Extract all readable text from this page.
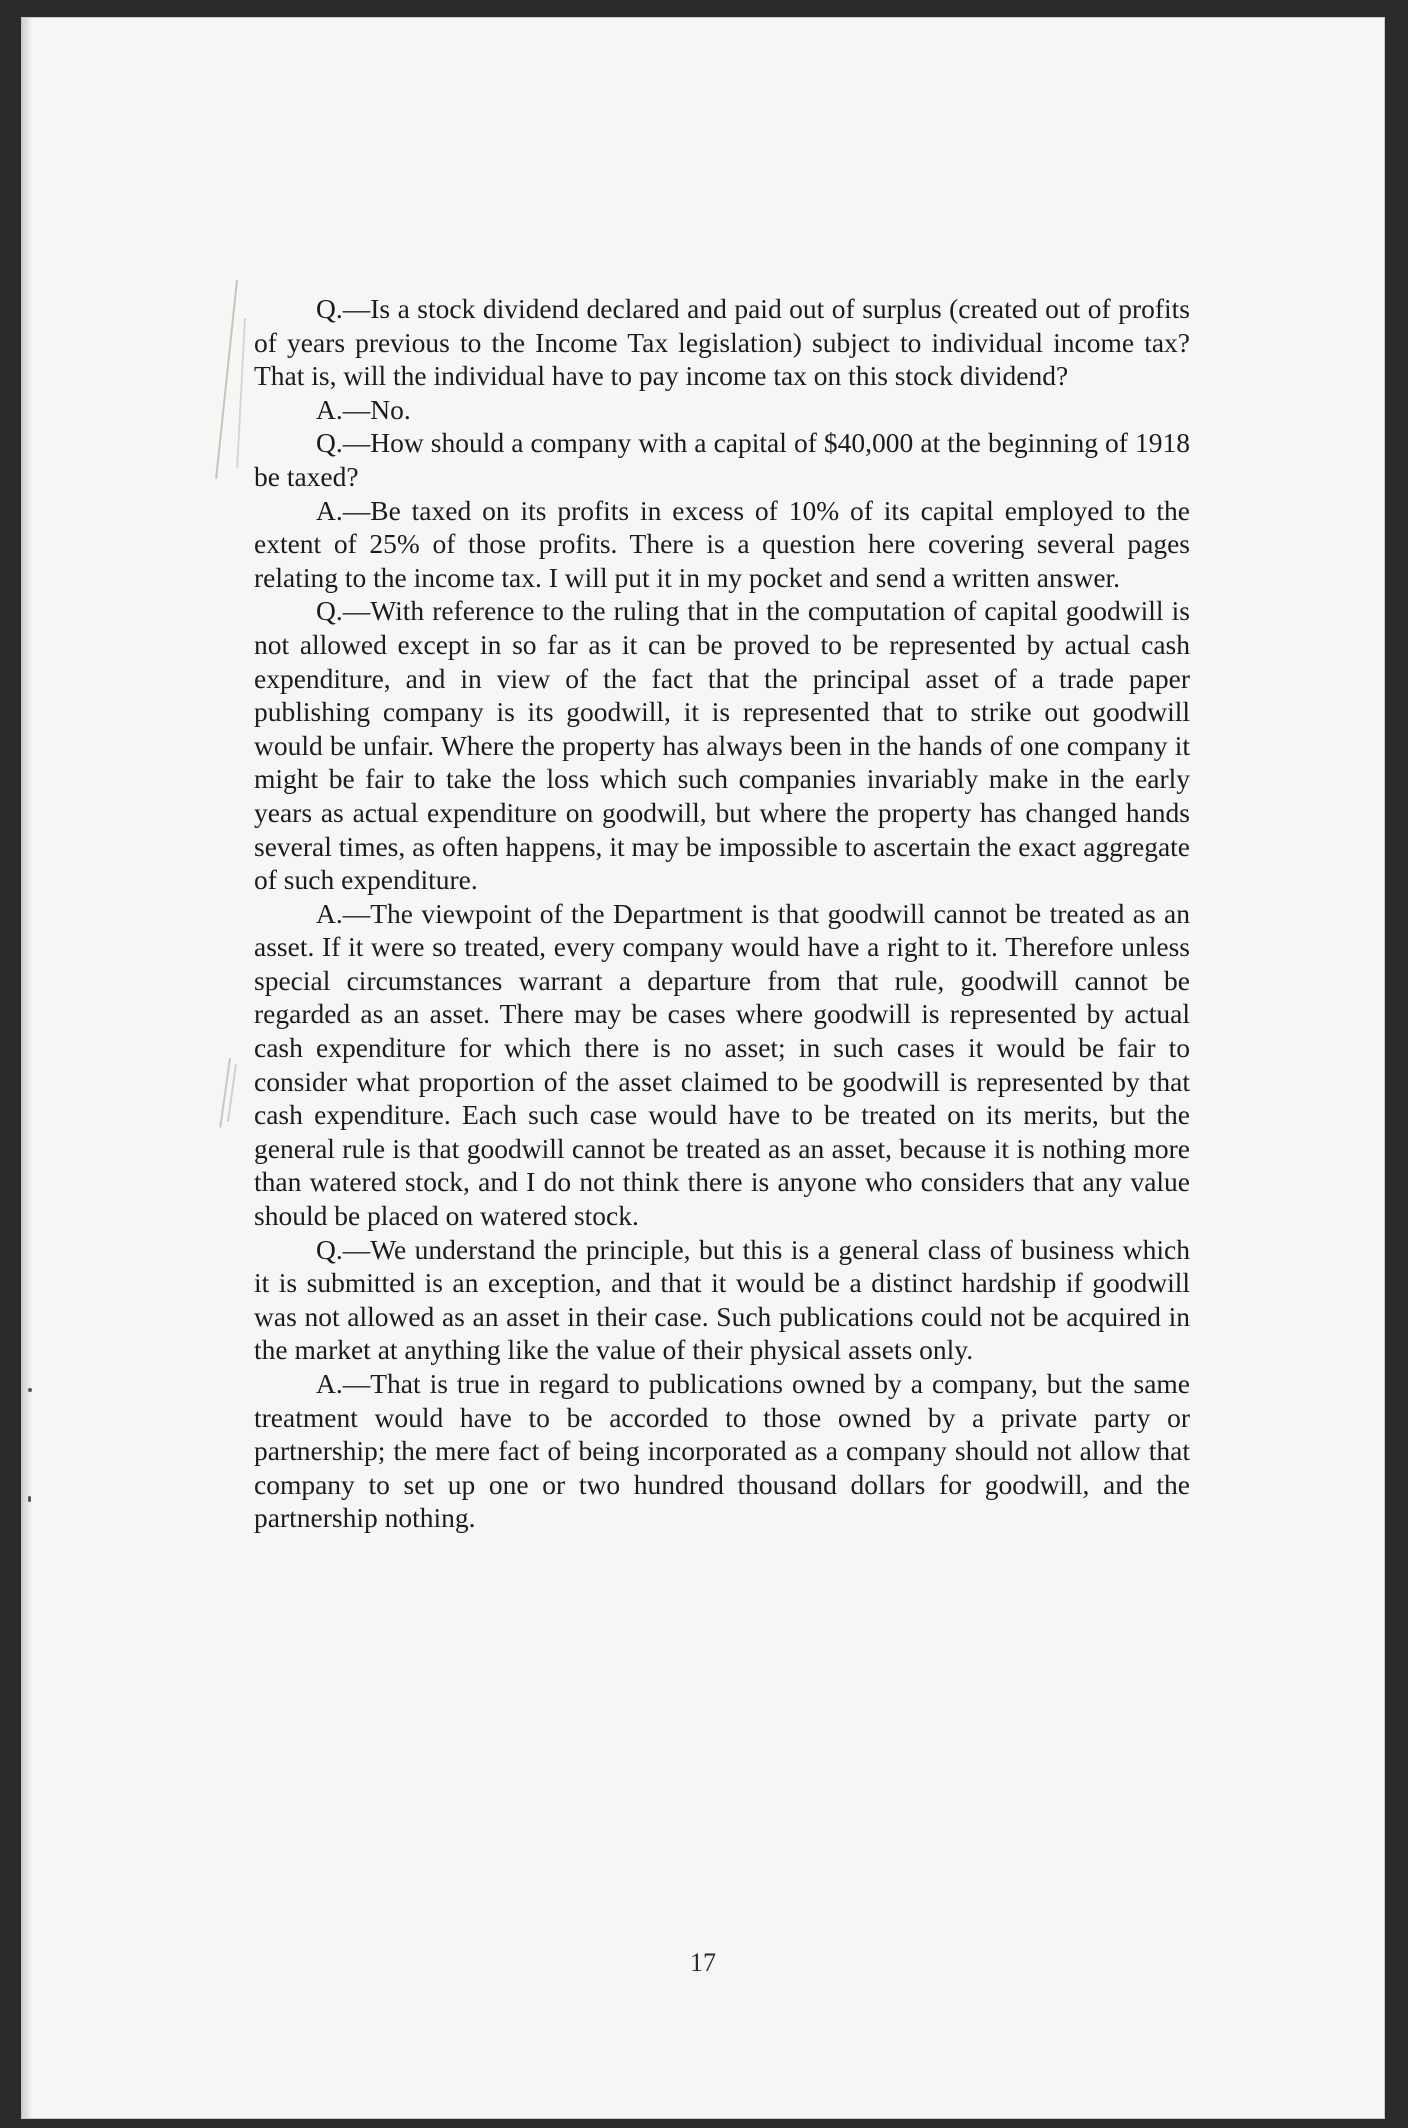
Q.—Is a stock dividend declared and paid out of surplus (created out of profits of years previous to the Income Tax legislation) subject to individual income tax? That is, will the individual have to pay income tax on this stock dividend?

A.—No.

Q.—How should a company with a capital of $40,000 at the beginning of 1918 be taxed?

A.—Be taxed on its profits in excess of 10% of its capital employed to the extent of 25% of those profits. There is a question here covering several pages relating to the income tax. I will put it in my pocket and send a written answer.

Q.—With reference to the ruling that in the computation of capital goodwill is not allowed except in so far as it can be proved to be represented by actual cash expenditure, and in view of the fact that the principal asset of a trade paper publishing company is its goodwill, it is represented that to strike out goodwill would be unfair. Where the property has always been in the hands of one company it might be fair to take the loss which such companies invariably make in the early years as actual expenditure on goodwill, but where the property has changed hands several times, as often happens, it may be impossible to ascertain the exact aggregate of such expenditure.

A.—The viewpoint of the Department is that goodwill cannot be treated as an asset. If it were so treated, every company would have a right to it. Therefore unless special circumstances warrant a departure from that rule, goodwill cannot be regarded as an asset. There may be cases where goodwill is represented by actual cash expenditure for which there is no asset; in such cases it would be fair to consider what proportion of the asset claimed to be goodwill is represented by that cash expenditure. Each such case would have to be treated on its merits, but the general rule is that goodwill cannot be treated as an asset, because it is nothing more than watered stock, and I do not think there is anyone who considers that any value should be placed on watered stock.

Q.—We understand the principle, but this is a general class of business which it is submitted is an exception, and that it would be a distinct hardship if goodwill was not allowed as an asset in their case. Such publications could not be acquired in the market at anything like the value of their physical assets only.

A.—That is true in regard to publications owned by a company, but the same treatment would have to be accorded to those owned by a private party or partnership; the mere fact of being incorporated as a company should not allow that company to set up one or two hundred thousand dollars for goodwill, and the partnership nothing.

17
